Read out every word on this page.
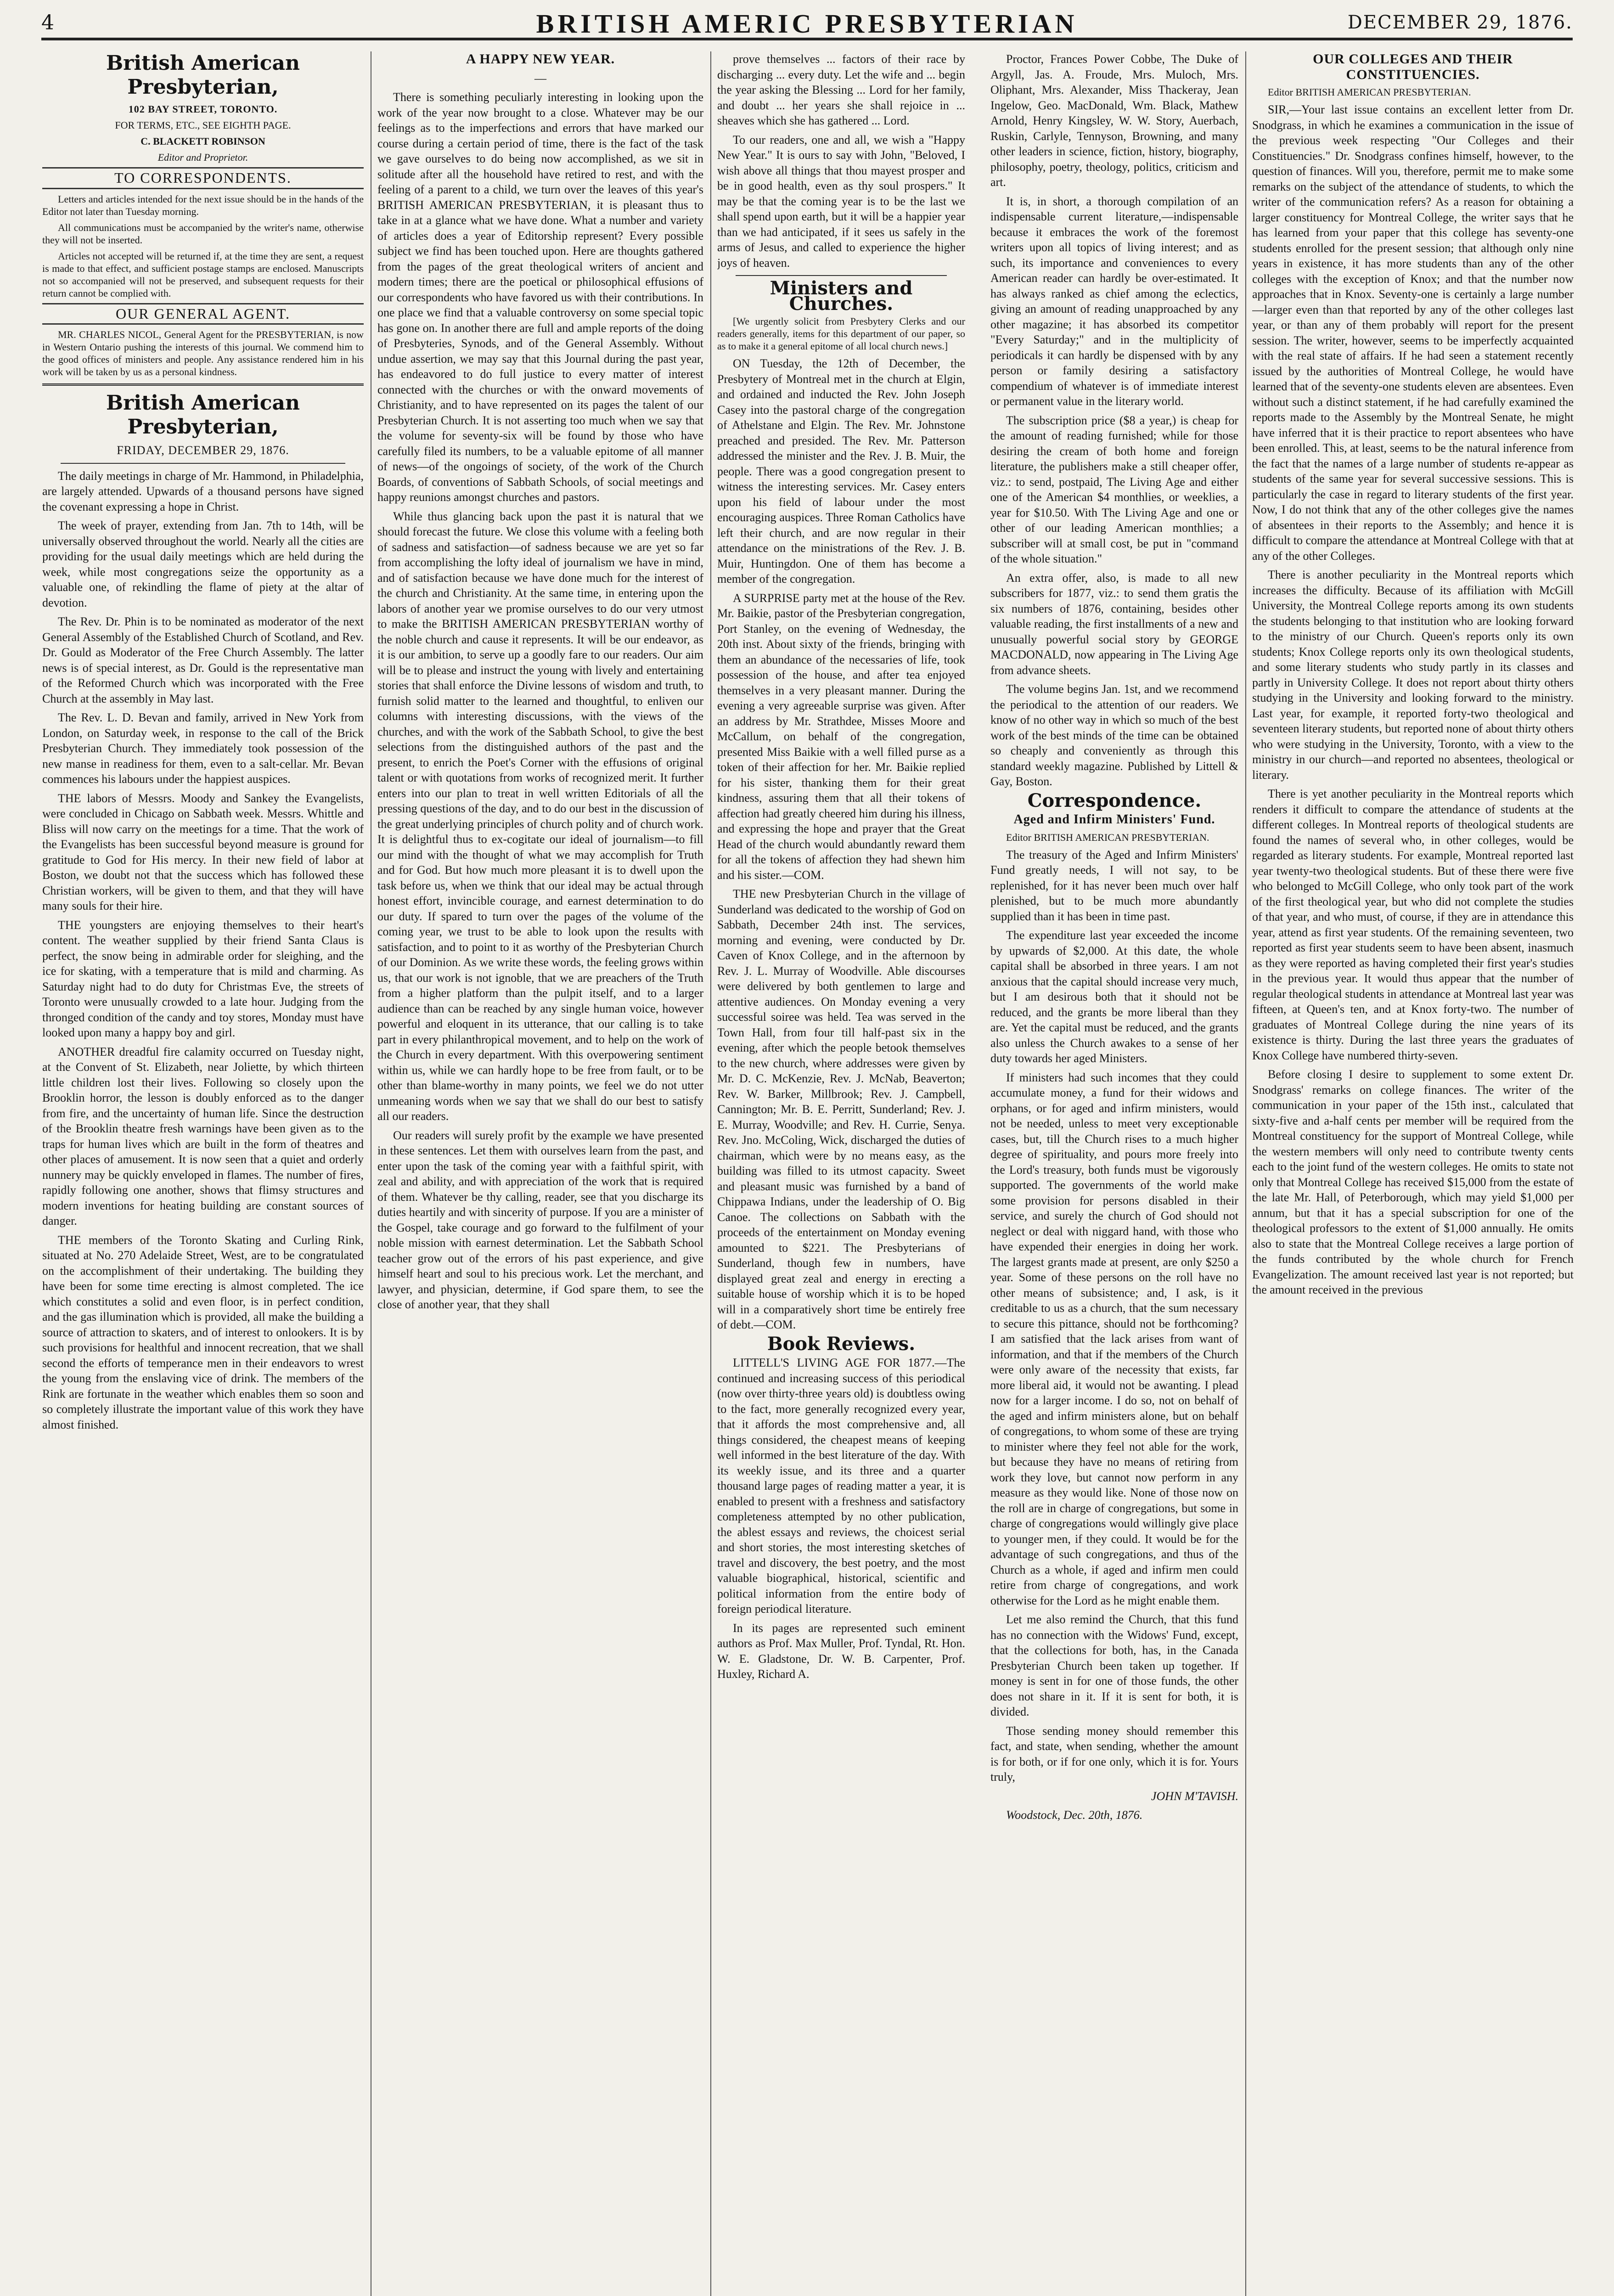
4	BRITISH AMERIC PRESBYTERIAN	DECEMBER 29, 1876.

British American Presbyterian,

102 BAY STREET, TORONTO.

FOR TERMS, ETC., SEE EIGHTH PAGE.

C. BLACKETT ROBINSON

Editor and Proprietor.

TO CORRESPONDENTS.

Letters and articles intended for the next issue should be in the hands of the Editor not later than Tuesday morning.

All communications must be accompanied by the writer's name, otherwise they will not be inserted.

Articles not accepted will be returned if, at the time they are sent, a request is made to that effect, and sufficient postage stamps are enclosed. Manuscripts not so accompanied will not be preserved, and subsequent requests for their return cannot be complied with.

OUR GENERAL AGENT.

MR. CHARLES NICOL, General Agent for the PRESBYTERIAN, is now in Western Ontario pushing the interests of this journal. We commend him to the good offices of ministers and people. Any assistance rendered him in his work will be taken by us as a personal kindness.

British American Presbyterian,

FRIDAY, DECEMBER 29, 1876.

The daily meetings in charge of Mr. Hammond, in Philadelphia, are largely attended. Upwards of a thousand persons have signed the covenant expressing a hope in Christ.

The week of prayer, extending from Jan. 7th to 14th, will be universally observed throughout the world. Nearly all the cities are providing for the usual daily meetings which are held during the week, while most congregations seize the opportunity as a valuable one, of rekindling the flame of piety at the altar of devotion.

The Rev. Dr. Phin is to be nominated as moderator of the next General Assembly of the Established Church of Scotland, and Rev. Dr. Gould as Moderator of the Free Church Assembly. The latter news is of special interest, as Dr. Gould is the representative man of the Reformed Church which was incorporated with the Free Church at the assembly in May last.

The Rev. L. D. Bevan and family, arrived in New York from London, on Saturday week, in response to the call of the Brick Presbyterian Church. They immediately took possession of the new manse in readiness for them, even to a salt-cellar. Mr. Bevan commences his labours under the happiest auspices.

THE labors of Messrs. Moody and Sankey the Evangelists, were concluded in Chicago on Sabbath week. Messrs. Whittle and Bliss will now carry on the meetings for a time. That the work of the Evangelists has been successful beyond measure is ground for gratitude to God for His mercy. In their new field of labor at Boston, we doubt not that the success which has followed these Christian workers, will be given to them, and that they will have many souls for their hire.

THE youngsters are enjoying themselves to their heart's content. The weather supplied by their friend Santa Claus is perfect, the snow being in admirable order for sleighing, and the ice for skating, with a temperature that is mild and charming. As Saturday night had to do duty for Christmas Eve, the streets of Toronto were unusually crowded to a late hour. Judging from the thronged condition of the candy and toy stores, Monday must have looked upon many a happy boy and girl.

ANOTHER dreadful fire calamity occurred on Tuesday night, at the Convent of St. Elizabeth, near Joliette, by which thirteen little children lost their lives. Following so closely upon the Brooklin horror, the lesson is doubly enforced as to the danger from fire, and the uncertainty of human life. Since the destruction of the Brooklin theatre fresh warnings have been given as to the traps for human lives which are built in the form of theatres and other places of amusement. It is now seen that a quiet and orderly nunnery may be quickly enveloped in flames. The number of fires, rapidly following one another, shows that flimsy structures and modern inventions for heating building are constant sources of danger.

THE members of the Toronto Skating and Curling Rink, situated at No. 270 Adelaide Street, West, are to be congratulated on the accomplishment of their undertaking. The building they have been for some time erecting is almost completed. The ice which constitutes a solid and even floor, is in perfect condition, and the gas illumination which is provided, all make the building a source of attraction to skaters, and of interest to onlookers. It is by such provisions for healthful and innocent recreation, that we shall second the efforts of temperance men in their endeavors to wrest the young from the enslaving vice of drink. The members of the Rink are fortunate in the weather which enables them so soon and so completely illustrate the important value of this work they have almost finished.

A HAPPY NEW YEAR.

—

There is something peculiarly interesting in looking upon the work of the year now brought to a close. Whatever may be our feelings as to the imperfections and errors that have marked our course during a certain period of time, there is the fact of the task we gave ourselves to do being now accomplished, as we sit in solitude after all the household have retired to rest, and with the feeling of a parent to a child, we turn over the leaves of this year's BRITISH AMERICAN PRESBYTERIAN, it is pleasant thus to take in at a glance what we have done. What a number and variety of articles does a year of Editorship represent? Every possible subject we find has been touched upon. Here are thoughts gathered from the pages of the great theological writers of ancient and modern times; there are the poetical or philosophical effusions of our correspondents who have favored us with their contributions. In one place we find that a valuable controversy on some special topic has gone on. In another there are full and ample reports of the doing of Presbyteries, Synods, and of the General Assembly. Without undue assertion, we may say that this Journal during the past year, has endeavored to do full justice to every matter of interest connected with the churches or with the onward movements of Christianity, and to have represented on its pages the talent of our Presbyterian Church. It is not asserting too much when we say that the volume for seventy-six will be found by those who have carefully filed its numbers, to be a valuable epitome of all manner of news—of the ongoings of society, of the work of the Church Boards, of conventions of Sabbath Schools, of social meetings and happy reunions amongst churches and pastors.

While thus glancing back upon the past it is natural that we should forecast the future. We close this volume with a feeling both of sadness and satisfaction—of sadness because we are yet so far from accomplishing the lofty ideal of journalism we have in mind, and of satisfaction because we have done much for the interest of the church and Christianity. At the same time, in entering upon the labors of another year we promise ourselves to do our very utmost to make the BRITISH AMERICAN PRESBYTERIAN worthy of the noble church and cause it represents. It will be our endeavor, as it is our ambition, to serve up a goodly fare to our readers. Our aim will be to please and instruct the young with lively and entertaining stories that shall enforce the Divine lessons of wisdom and truth, to furnish solid matter to the learned and thoughtful, to enliven our columns with interesting discussions, with the views of the churches, and with the work of the Sabbath School, to give the best selections from the distinguished authors of the past and the present, to enrich the Poet's Corner with the effusions of original talent or with quotations from works of recognized merit. It further enters into our plan to treat in well written Editorials of all the pressing questions of the day, and to do our best in the discussion of the great underlying principles of church polity and of church work. It is delightful thus to ex-cogitate our ideal of journalism—to fill our mind with the thought of what we may accomplish for Truth and for God. But how much more pleasant it is to dwell upon the task before us, when we think that our ideal may be actual through honest effort, invincible courage, and earnest determination to do our duty. If spared to turn over the pages of the volume of the coming year, we trust to be able to look upon the results with satisfaction, and to point to it as worthy of the Presbyterian Church of our Dominion. As we write these words, the feeling grows within us, that our work is not ignoble, that we are preachers of the Truth from a higher platform than the pulpit itself, and to a larger audience than can be reached by any single human voice, however powerful and eloquent in its utterance, that our calling is to take part in every philanthropical movement, and to help on the work of the Church in every department. With this overpowering sentiment within us, while we can hardly hope to be free from fault, or to be other than blame-worthy in many points, we feel we do not utter unmeaning words when we say that we shall do our best to satisfy all our readers.

Our readers will surely profit by the example we have presented in these sentences. Let them with ourselves learn from the past, and enter upon the task of the coming year with a faithful spirit, with zeal and ability, and with appreciation of the work that is required of them. Whatever be thy calling, reader, see that you discharge its duties heartily and with sincerity of purpose. If you are a minister of the Gospel, take courage and go forward to the fulfilment of your noble mission with earnest determination. Let the Sabbath School teacher grow out of the errors of his past experience, and give himself heart and soul to his precious work. Let the merchant, and lawyer, and physician, determine, if God spare them, to see the close of another year, that they shall

prove themselves ... factors of their race by discharging ... every duty. Let the wife and ... begin the year asking the Blessing ... Lord for her family, and doubt ... her years she shall rejoice in ... sheaves which she has gathered ... Lord.

To our readers, one and all, we wish a "Happy New Year." It is ours to say with John, "Beloved, I wish above all things that thou mayest prosper and be in good health, even as thy soul prospers." It may be that the coming year is to be the last we shall spend upon earth, but it will be a happier year than we had anticipated, if it sees us safely in the arms of Jesus, and called to experience the higher joys of heaven.

Ministers and Churches.

[We urgently solicit from Presbytery Clerks and our readers generally, items for this department of our paper, so as to make it a general epitome of all local church news.]

ON Tuesday, the 12th of December, the Presbytery of Montreal met in the church at Elgin, and ordained and inducted the Rev. John Joseph Casey into the pastoral charge of the congregation of Athelstane and Elgin. The Rev. Mr. Johnstone preached and presided. The Rev. Mr. Patterson addressed the minister and the Rev. J. B. Muir, the people. There was a good congregation present to witness the interesting services. Mr. Casey enters upon his field of labour under the most encouraging auspices. Three Roman Catholics have left their church, and are now regular in their attendance on the ministrations of the Rev. J. B. Muir, Huntingdon. One of them has become a member of the congregation.

A SURPRISE party met at the house of the Rev. Mr. Baikie, pastor of the Presbyterian congregation, Port Stanley, on the evening of Wednesday, the 20th inst. About sixty of the friends, bringing with them an abundance of the necessaries of life, took possession of the house, and after tea enjoyed themselves in a very pleasant manner. During the evening a very agreeable surprise was given. After an address by Mr. Strathdee, Misses Moore and McCallum, on behalf of the congregation, presented Miss Baikie with a well filled purse as a token of their affection for her. Mr. Baikie replied for his sister, thanking them for their great kindness, assuring them that all their tokens of affection had greatly cheered him during his illness, and expressing the hope and prayer that the Great Head of the church would abundantly reward them for all the tokens of affection they had shewn him and his sister.—COM.

THE new Presbyterian Church in the village of Sunderland was dedicated to the worship of God on Sabbath, December 24th inst. The services, morning and evening, were conducted by Dr. Caven of Knox College, and in the afternoon by Rev. J. L. Murray of Woodville. Able discourses were delivered by both gentlemen to large and attentive audiences. On Monday evening a very successful soiree was held. Tea was served in the Town Hall, from four till half-past six in the evening, after which the people betook themselves to the new church, where addresses were given by Mr. D. C. McKenzie, Rev. J. McNab, Beaverton; Rev. W. Barker, Millbrook; Rev. J. Campbell, Cannington; Mr. B. E. Perritt, Sunderland; Rev. J. E. Murray, Woodville; and Rev. H. Currie, Senya. Rev. Jno. McColing, Wick, discharged the duties of chairman, which were by no means easy, as the building was filled to its utmost capacity. Sweet and pleasant music was furnished by a band of Chippawa Indians, under the leadership of O. Big Canoe. The collections on Sabbath with the proceeds of the entertainment on Monday evening amounted to $221. The Presbyterians of Sunderland, though few in numbers, have displayed great zeal and energy in erecting a suitable house of worship which it is to be hoped will in a comparatively short time be entirely free of debt.—COM.

Book Reviews.

LITTELL'S LIVING AGE FOR 1877.—The continued and increasing success of this periodical (now over thirty-three years old) is doubtless owing to the fact, more generally recognized every year, that it affords the most comprehensive and, all things considered, the cheapest means of keeping well informed in the best literature of the day. With its weekly issue, and its three and a quarter thousand large pages of reading matter a year, it is enabled to present with a freshness and satisfactory completeness attempted by no other publication, the ablest essays and reviews, the choicest serial and short stories, the most interesting sketches of travel and discovery, the best poetry, and the most valuable biographical, historical, scientific and political information from the entire body of foreign periodical literature.

In its pages are represented such eminent authors as Prof. Max Muller, Prof. Tyndal, Rt. Hon. W. E. Gladstone, Dr. W. B. Carpenter, Prof. Huxley, Richard A.

Proctor, Frances Power Cobbe, The Duke of Argyll, Jas. A. Froude, Mrs. Muloch, Mrs. Oliphant, Mrs. Alexander, Miss Thackeray, Jean Ingelow, Geo. MacDonald, Wm. Black, Mathew Arnold, Henry Kingsley, W. W. Story, Auerbach, Ruskin, Carlyle, Tennyson, Browning, and many other leaders in science, fiction, history, biography, philosophy, poetry, theology, politics, criticism and art.

It is, in short, a thorough compilation of an indispensable current literature,—indispensable because it embraces the work of the foremost writers upon all topics of living interest; and as such, its importance and conveniences to every American reader can hardly be over-estimated. It has always ranked as chief among the eclectics, giving an amount of reading unapproached by any other magazine; it has absorbed its competitor "Every Saturday;" and in the multiplicity of periodicals it can hardly be dispensed with by any person or family desiring a satisfactory compendium of whatever is of immediate interest or permanent value in the literary world.

The subscription price ($8 a year,) is cheap for the amount of reading furnished; while for those desiring the cream of both home and foreign literature, the publishers make a still cheaper offer, viz.: to send, postpaid, The Living Age and either one of the American $4 monthlies, or weeklies, a year for $10.50. With The Living Age and one or other of our leading American monthlies; a subscriber will at small cost, be put in "command of the whole situation."

An extra offer, also, is made to all new subscribers for 1877, viz.: to send them gratis the six numbers of 1876, containing, besides other valuable reading, the first installments of a new and unusually powerful social story by GEORGE MACDONALD, now appearing in The Living Age from advance sheets.

The volume begins Jan. 1st, and we recommend the periodical to the attention of our readers. We know of no other way in which so much of the best work of the best minds of the time can be obtained so cheaply and conveniently as through this standard weekly magazine. Published by Littell & Gay, Boston.

Correspondence.

Aged and Infirm Ministers' Fund.

Editor BRITISH AMERICAN PRESBYTERIAN.

The treasury of the Aged and Infirm Ministers' Fund greatly needs, I will not say, to be replenished, for it has never been much over half plenished, but to be much more abundantly supplied than it has been in time past.

The expenditure last year exceeded the income by upwards of $2,000. At this date, the whole capital shall be absorbed in three years. I am not anxious that the capital should increase very much, but I am desirous both that it should not be reduced, and the grants be more liberal than they are. Yet the capital must be reduced, and the grants also unless the Church awakes to a sense of her duty towards her aged Ministers.

If ministers had such incomes that they could accumulate money, a fund for their widows and orphans, or for aged and infirm ministers, would not be needed, unless to meet very exceptionable cases, but, till the Church rises to a much higher degree of spirituality, and pours more freely into the Lord's treasury, both funds must be vigorously supported. The governments of the world make some provision for persons disabled in their service, and surely the church of God should not neglect or deal with niggard hand, with those who have expended their energies in doing her work. The largest grants made at present, are only $250 a year. Some of these persons on the roll have no other means of subsistence; and, I ask, is it creditable to us as a church, that the sum necessary to secure this pittance, should not be forthcoming? I am satisfied that the lack arises from want of information, and that if the members of the Church were only aware of the necessity that exists, far more liberal aid, it would not be awanting. I plead now for a larger income. I do so, not on behalf of the aged and infirm ministers alone, but on behalf of congregations, to whom some of these are trying to minister where they feel not able for the work, but because they have no means of retiring from work they love, but cannot now perform in any measure as they would like. None of those now on the roll are in charge of congregations, but some in charge of congregations would willingly give place to younger men, if they could. It would be for the advantage of such congregations, and thus of the Church as a whole, if aged and infirm men could retire from charge of congregations, and work otherwise for the Lord as he might enable them.

Let me also remind the Church, that this fund has no connection with the Widows' Fund, except, that the collections for both, has, in the Canada Presbyterian Church been taken up together. If money is sent in for one of those funds, the other does not share in it. If it is sent for both, it is divided.

Those sending money should remember this fact, and state, when sending, whether the amount is for both, or if for one only, which it is for. Yours truly,

JOHN M'TAVISH.

Woodstock, Dec. 20th, 1876.

OUR COLLEGES AND THEIR CONSTITUENCIES.

Editor BRITISH AMERICAN PRESBYTERIAN.

SIR,—Your last issue contains an excellent letter from Dr. Snodgrass, in which he examines a communication in the issue of the previous week respecting "Our Colleges and their Constituencies." Dr. Snodgrass confines himself, however, to the question of finances. Will you, therefore, permit me to make some remarks on the subject of the attendance of students, to which the writer of the communication refers? As a reason for obtaining a larger constituency for Montreal College, the writer says that he has learned from your paper that this college has seventy-one students enrolled for the present session; that although only nine years in existence, it has more students than any of the other colleges with the exception of Knox; and that the number now approaches that in Knox. Seventy-one is certainly a large number—larger even than that reported by any of the other colleges last year, or than any of them probably will report for the present session. The writer, however, seems to be imperfectly acquainted with the real state of affairs. If he had seen a statement recently issued by the authorities of Montreal College, he would have learned that of the seventy-one students eleven are absentees. Even without such a distinct statement, if he had carefully examined the reports made to the Assembly by the Montreal Senate, he might have inferred that it is their practice to report absentees who have been enrolled. This, at least, seems to be the natural inference from the fact that the names of a large number of students re-appear as students of the same year for several successive sessions. This is particularly the case in regard to literary students of the first year. Now, I do not think that any of the other colleges give the names of absentees in their reports to the Assembly; and hence it is difficult to compare the attendance at Montreal College with that at any of the other Colleges.

There is another peculiarity in the Montreal reports which increases the difficulty. Because of its affiliation with McGill University, the Montreal College reports among its own students the students belonging to that institution who are looking forward to the ministry of our Church. Queen's reports only its own students; Knox College reports only its own theological students, and some literary students who study partly in its classes and partly in University College. It does not report about thirty others studying in the University and looking forward to the ministry. Last year, for example, it reported forty-two theological and seventeen literary students, but reported none of about thirty others who were studying in the University, Toronto, with a view to the ministry in our church—and reported no absentees, theological or literary.

There is yet another peculiarity in the Montreal reports which renders it difficult to compare the attendance of students at the different colleges. In Montreal reports of theological students are found the names of several who, in other colleges, would be regarded as literary students. For example, Montreal reported last year twenty-two theological students. But of these there were five who belonged to McGill College, who only took part of the work of the first theological year, but who did not complete the studies of that year, and who must, of course, if they are in attendance this year, attend as first year students. Of the remaining seventeen, two reported as first year students seem to have been absent, inasmuch as they were reported as having completed their first year's studies in the previous year. It would thus appear that the number of regular theological students in attendance at Montreal last year was fifteen, at Queen's ten, and at Knox forty-two. The number of graduates of Montreal College during the nine years of its existence is thirty. During the last three years the graduates of Knox College have numbered thirty-seven.

Before closing I desire to supplement to some extent Dr. Snodgrass' remarks on college finances. The writer of the communication in your paper of the 15th inst., calculated that sixty-five and a-half cents per member will be required from the Montreal constituency for the support of Montreal College, while the western members will only need to contribute twenty cents each to the joint fund of the western colleges. He omits to state not only that Montreal College has received $15,000 from the estate of the late Mr. Hall, of Peterborough, which may yield $1,000 per annum, but that it has a special subscription for one of the theological professors to the extent of $1,000 annually. He omits also to state that the Montreal College receives a large portion of the funds contributed by the whole church for French Evangelization. The amount received last year is not reported; but the amount received in the previous
